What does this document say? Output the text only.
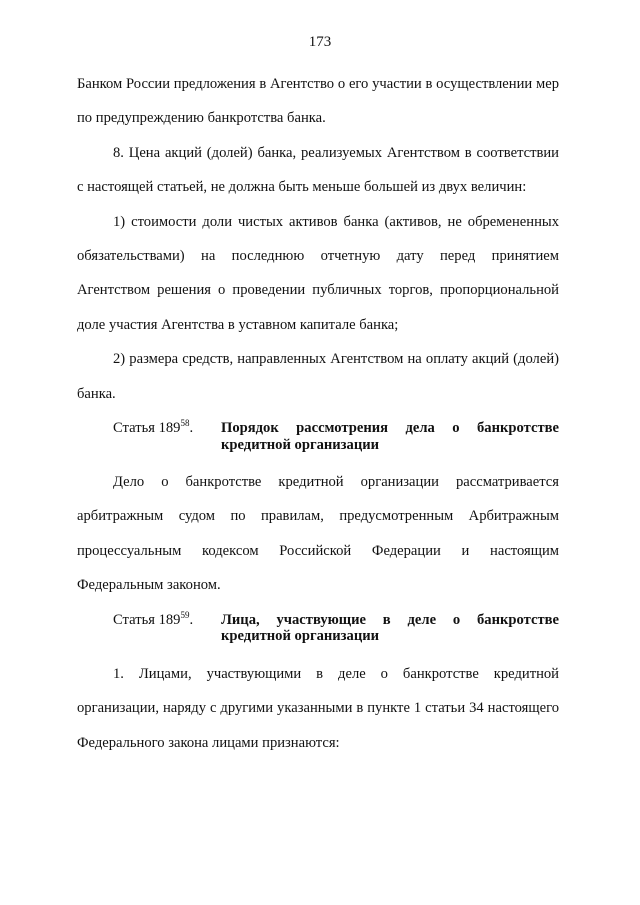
173

Банком России предложения в Агентство о его участии в осуществлении мер по предупреждению банкротства банка.

8. Цена акций (долей) банка, реализуемых Агентством в соответствии с настоящей статьей, не должна быть меньше большей из двух величин:

1) стоимости доли чистых активов банка (активов, не обремененных обязательствами) на последнюю отчетную дату перед принятием Агентством решения о проведении публичных торгов, пропорциональной доле участия Агентства в уставном капитале банка;

2) размера средств, направленных Агентством на оплату акций (долей) банка.

Статья $189^{58}$.	Порядок рассмотрения дела о банкротстве
кредитной организации

Дело о банкротстве кредитной организации рассматривается арбитражным судом по правилам, предусмотренным Арбитражным процессуальным кодексом Российской Федерации и настоящим Федеральным законом.

Статья $189^{59}$.	Лица, участвующие в деле о банкротстве
кредитной организации

1. Лицами, участвующими в деле о банкротстве кредитной организации, наряду с другими указанными в пункте 1 статьи 34 настоящего Федерального закона лицами признаются:
